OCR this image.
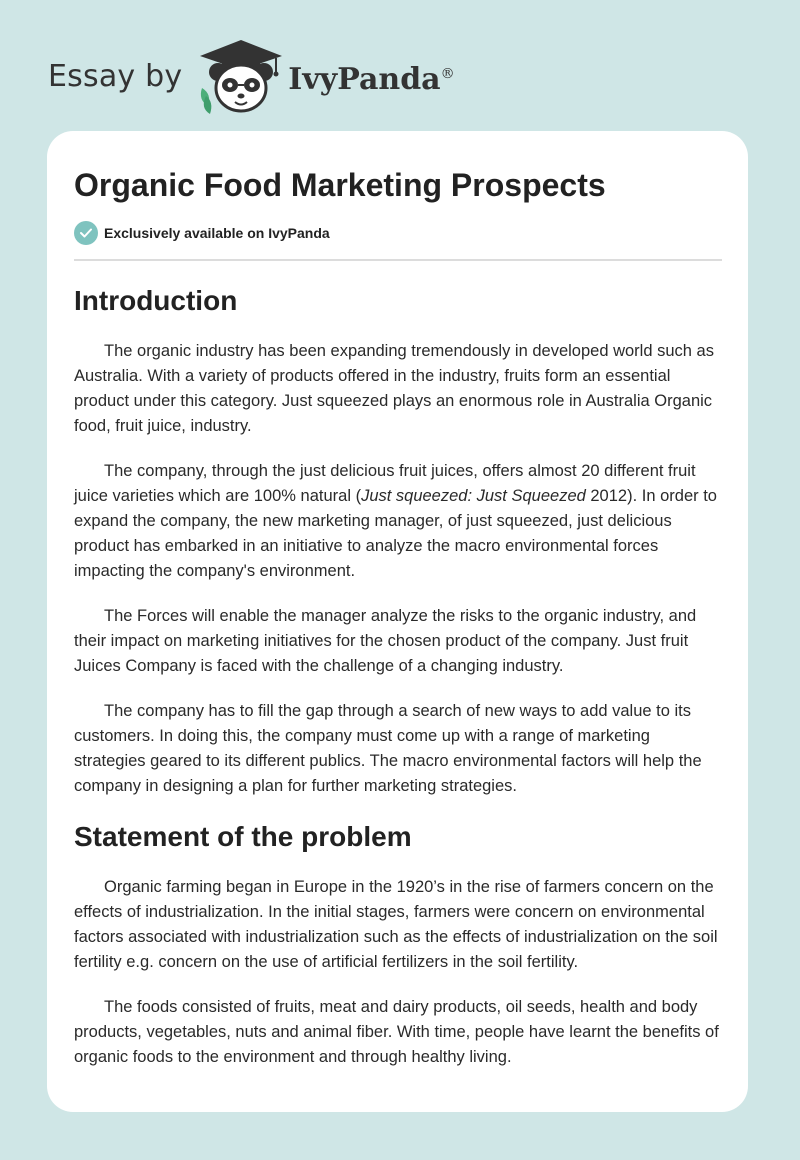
Essay by	IvyPanda®
Organic Food Marketing Prospects
Exclusively available on IvyPanda
Introduction

The organic industry has been expanding tremendously in developed world such as Australia. With a variety of products offered in the industry, fruits form an essential product under this category. Just squeezed plays an enormous role in Australia Organic food, fruit juice, industry.

The company, through the just delicious fruit juices, offers almost 20 different fruit juice varieties which are 100% natural (Just squeezed: Just Squeezed 2012). In order to expand the company, the new marketing manager, of just squeezed, just delicious product has embarked in an initiative to analyze the macro environmental forces impacting the company's environment.

The Forces will enable the manager analyze the risks to the organic industry, and their impact on marketing initiatives for the chosen product of the company. Just fruit Juices Company is faced with the challenge of a changing industry.

The company has to fill the gap through a search of new ways to add value to its customers. In doing this, the company must come up with a range of marketing strategies geared to its different publics. The macro environmental factors will help the company in designing a plan for further marketing strategies.

Statement of the problem

Organic farming began in Europe in the 1920’s in the rise of farmers concern on the effects of industrialization. In the initial stages, farmers were concern on environmental factors associated with industrialization such as the effects of industrialization on the soil fertility e.g. concern on the use of artificial fertilizers in the soil fertility.

The foods consisted of fruits, meat and dairy products, oil seeds, health and body products, vegetables, nuts and animal fiber. With time, people have learnt the benefits of organic foods to the environment and through healthy living.
